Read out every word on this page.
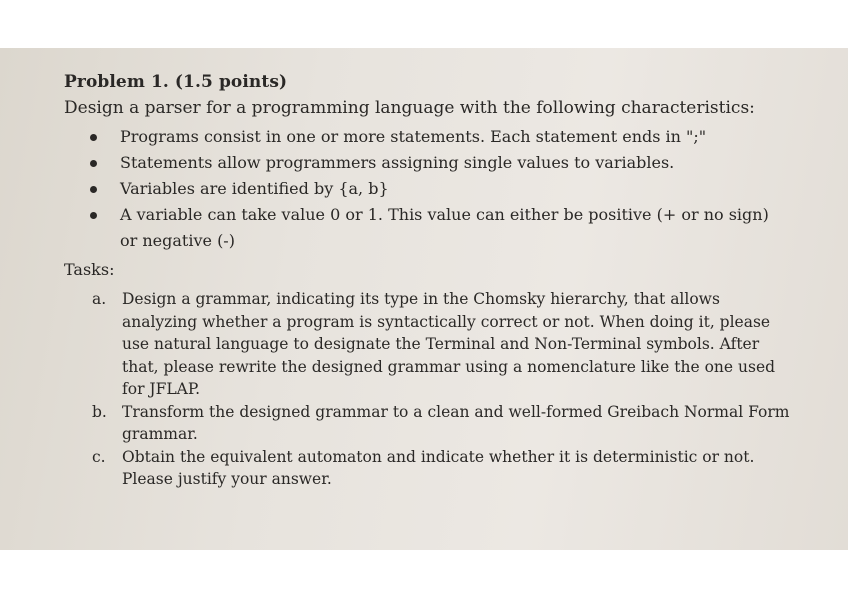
Problem 1. (1.5 points)
Design a parser for a programming language with the following characteristics:
Programs consist in one or more statements. Each statement ends in ";"
Statements allow programmers assigning single values to variables.
Variables are identified by {a, b}
A variable can take value 0 or 1. This value can either be positive (+ or no sign) or negative (-)
Tasks:
a. Design a grammar, indicating its type in the Chomsky hierarchy, that allows analyzing whether a program is syntactically correct or not. When doing it, please use natural language to designate the Terminal and Non-Terminal symbols. After that, please rewrite the designed grammar using a nomenclature like the one used for JFLAP.
b. Transform the designed grammar to a clean and well-formed Greibach Normal Form grammar.
c. Obtain the equivalent automaton and indicate whether it is deterministic or not. Please justify your answer.
